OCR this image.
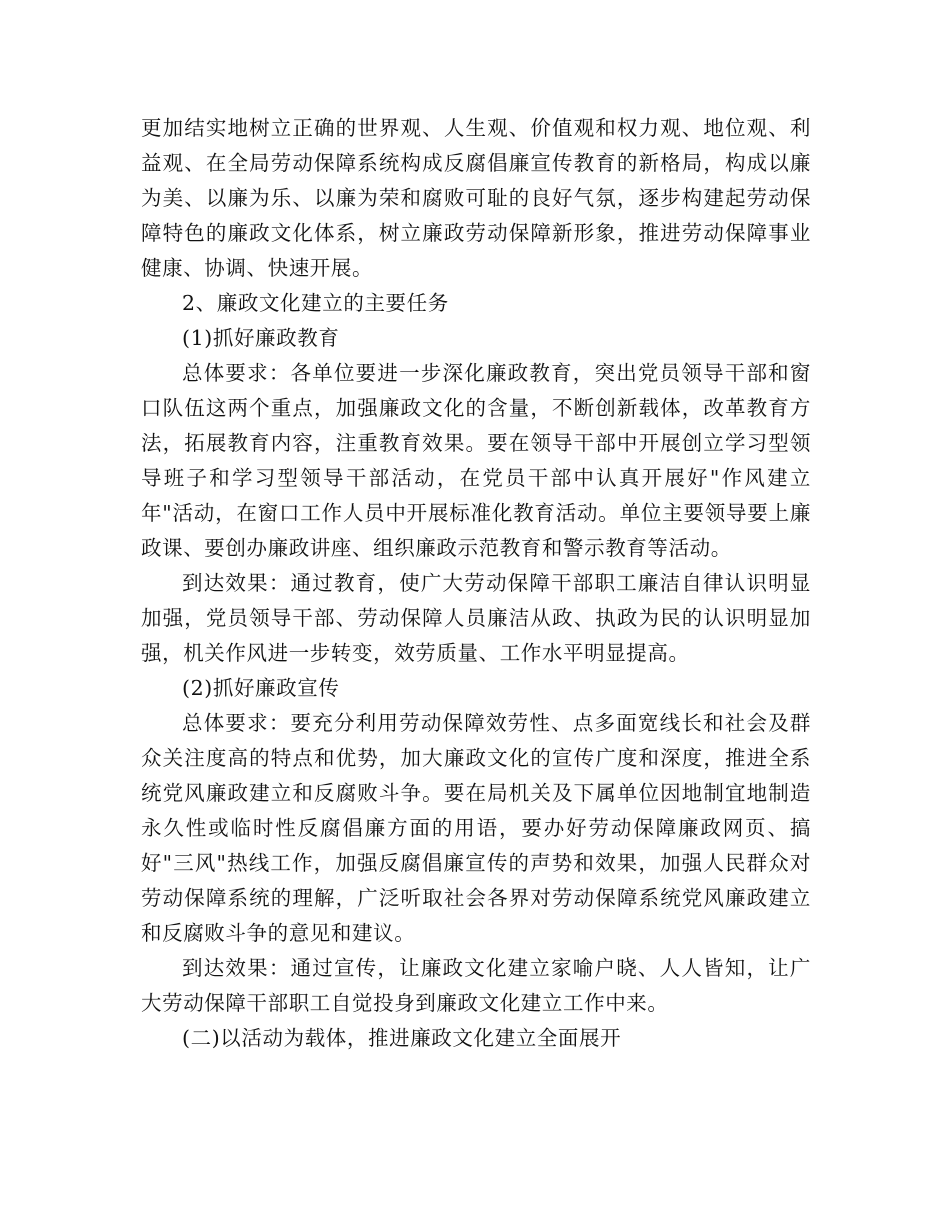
更加结实地树立正确的世界观、人生观、价值观和权力观、地位观、利益观、在全局劳动保障系统构成反腐倡廉宣传教育的新格局，构成以廉为美、以廉为乐、以廉为荣和腐败可耻的良好气氛，逐步构建起劳动保障特色的廉政文化体系，树立廉政劳动保障新形象，推进劳动保障事业健康、协调、快速开展。

2、廉政文化建立的主要任务

(1)抓好廉政教育

总体要求：各单位要进一步深化廉政教育，突出党员领导干部和窗口队伍这两个重点，加强廉政文化的含量，不断创新载体，改革教育方法，拓展教育内容，注重教育效果。要在领导干部中开展创立学习型领导班子和学习型领导干部活动，在党员干部中认真开展好"作风建立年"活动，在窗口工作人员中开展标准化教育活动。单位主要领导要上廉政课、要创办廉政讲座、组织廉政示范教育和警示教育等活动。

到达效果：通过教育，使广大劳动保障干部职工廉洁自律认识明显加强，党员领导干部、劳动保障人员廉洁从政、执政为民的认识明显加强，机关作风进一步转变，效劳质量、工作水平明显提高。

(2)抓好廉政宣传

总体要求：要充分利用劳动保障效劳性、点多面宽线长和社会及群众关注度高的特点和优势，加大廉政文化的宣传广度和深度，推进全系统党风廉政建立和反腐败斗争。要在局机关及下属单位因地制宜地制造永久性或临时性反腐倡廉方面的用语，要办好劳动保障廉政网页、搞好"三风"热线工作，加强反腐倡廉宣传的声势和效果，加强人民群众对劳动保障系统的理解，广泛听取社会各界对劳动保障系统党风廉政建立和反腐败斗争的意见和建议。

到达效果：通过宣传，让廉政文化建立家喻户晓、人人皆知，让广大劳动保障干部职工自觉投身到廉政文化建立工作中来。

(二)以活动为载体，推进廉政文化建立全面展开
